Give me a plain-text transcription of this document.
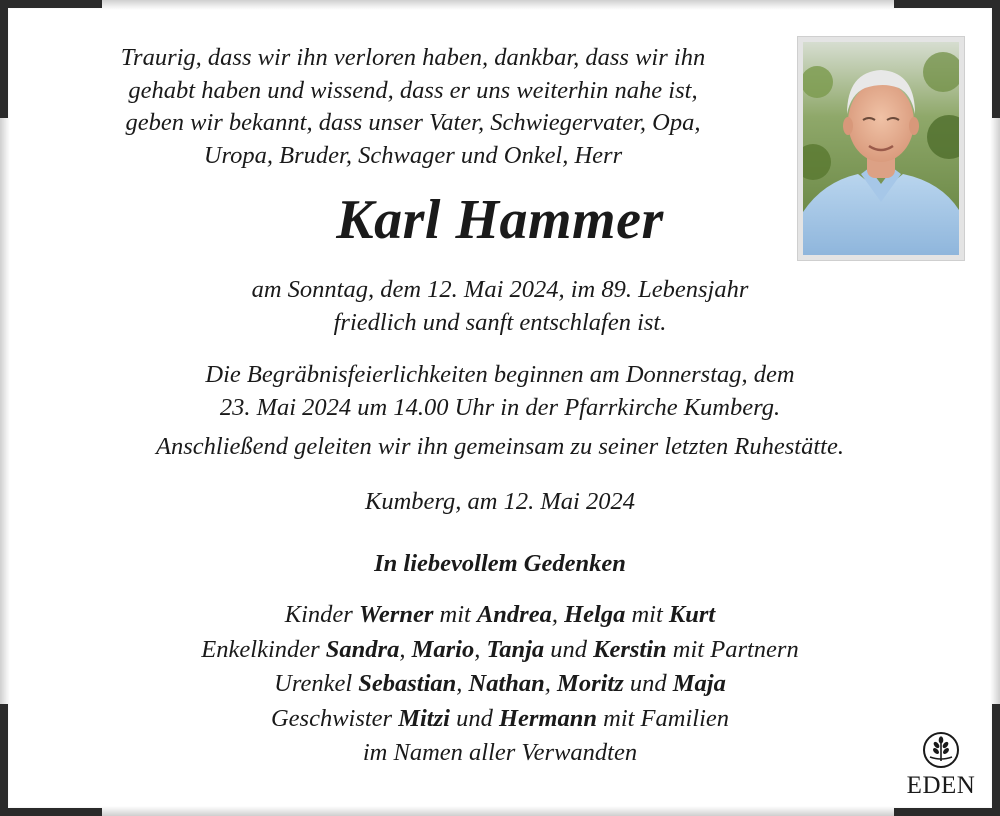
Traurig, dass wir ihn verloren haben, dankbar, dass wir ihn
gehabt haben und wissend, dass er uns weiterhin nahe ist,
geben wir bekannt, dass unser Vater, Schwiegervater, Opa,
Uropa, Bruder, Schwager und Onkel, Herr
Karl Hammer
am Sonntag, dem 12. Mai 2024, im 89. Lebensjahr
friedlich und sanft entschlafen ist.
Die Begräbnisfeierlichkeiten beginnen am Donnerstag, dem
23. Mai 2024 um 14.00 Uhr in der Pfarrkirche Kumberg.
Anschließend geleiten wir ihn gemeinsam zu seiner letzten Ruhestätte.
Kumberg, am 12. Mai 2024
In liebevollem Gedenken
Kinder Werner mit Andrea, Helga mit Kurt
Enkelkinder Sandra, Mario, Tanja und Kerstin mit Partnern
Urenkel Sebastian, Nathan, Moritz und Maja
Geschwister Mitzi und Hermann mit Familien
im Namen aller Verwandten
EDEN
